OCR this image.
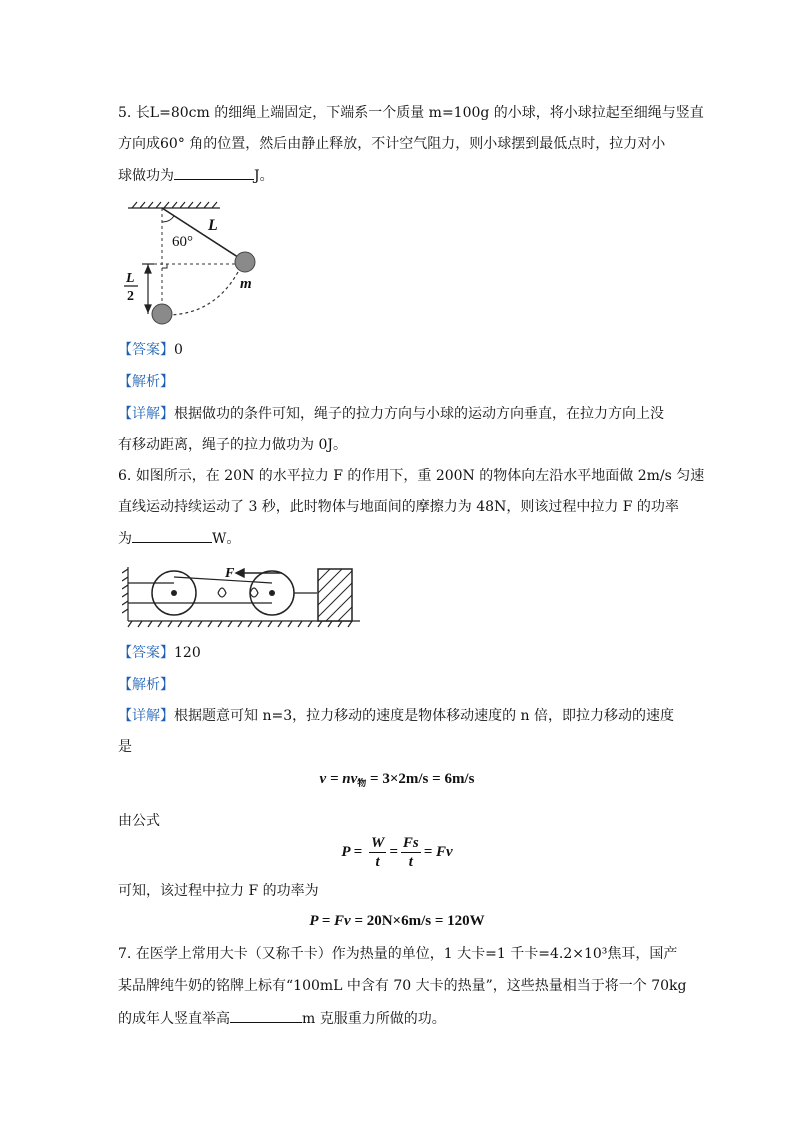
5. 长L=80cm 的细绳上端固定，下端系一个质量 m=100g 的小球，将小球拉起至细绳与竖直
方向成60° 角的位置，然后由静止释放，不计空气阻力，则小球摆到最低点时，拉力对小
球做功为	J。
60°
L
L
2
m
【答案】0
【解析】
【详解】根据做功的条件可知，绳子的拉力方向与小球的运动方向垂直，在拉力方向上没
有移动距离，绳子的拉力做功为 0J。
6. 如图所示，在 20N 的水平拉力 F 的作用下，重 200N 的物体向左沿水平地面做 2m/s 匀速
直线运动持续运动了 3 秒，此时物体与地面间的摩擦力为 48N，则该过程中拉力 F 的功率
为	W。
F
【答案】120
【解析】
【详解】根据题意可知 n=3，拉力移动的速度是物体移动速度的 n 倍，即拉力移动的速度
是
$v = nv_物 = 3\times 2m/s = 6m/s$
由公式
$P = \frac{W}{t} = \frac{Fs}{t} = Fv$
可知，该过程中拉力 F 的功率为
P = Fv = 20N×6m/s = 120W
7. 在医学上常用大卡（又称千卡）作为热量的单位，1 大卡=1 千卡=4.2×10³焦耳，国产
某品牌纯牛奶的铭牌上标有“100mL 中含有 70 大卡的热量”，这些热量相当于将一个 70kg
的成年人竖直举高	m 克服重力所做的功。
